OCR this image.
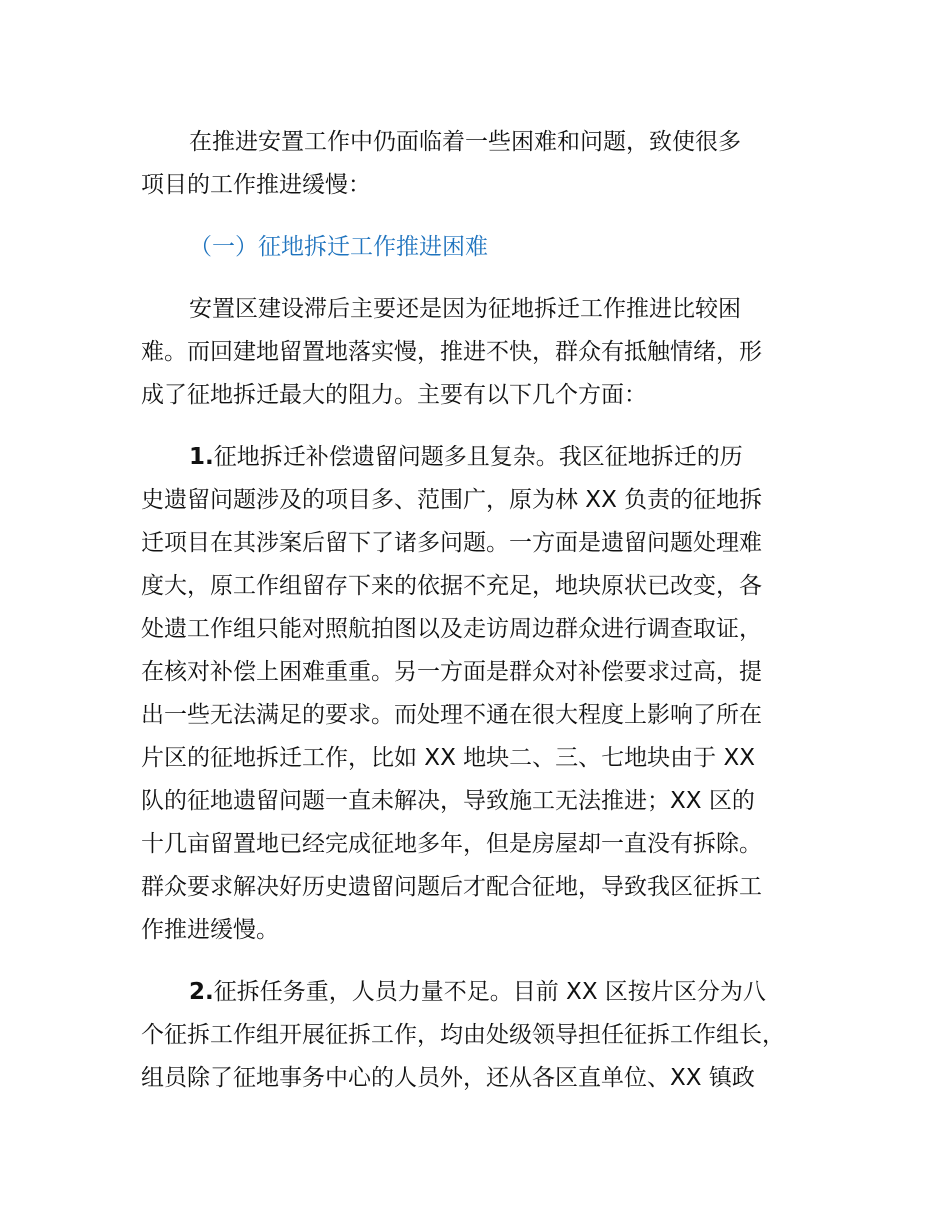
在推进安置工作中仍面临着一些困难和问题，致使很多
项目的工作推进缓慢：
（一）征地拆迁工作推进困难
安置区建设滞后主要还是因为征地拆迁工作推进比较困
难。而回建地留置地落实慢，推进不快，群众有抵触情绪，形
成了征地拆迁最大的阻力。主要有以下几个方面：
1.征地拆迁补偿遗留问题多且复杂。我区征地拆迁的历
史遗留问题涉及的项目多、范围广，原为林 XX 负责的征地拆
迁项目在其涉案后留下了诸多问题。一方面是遗留问题处理难
度大，原工作组留存下来的依据不充足，地块原状已改变，各
处遗工作组只能对照航拍图以及走访周边群众进行调查取证，
在核对补偿上困难重重。另一方面是群众对补偿要求过高，提
出一些无法满足的要求。而处理不通在很大程度上影响了所在
片区的征地拆迁工作，比如 XX 地块二、三、七地块由于 XX
队的征地遗留问题一直未解决，导致施工无法推进；XX 区的
十几亩留置地已经完成征地多年，但是房屋却一直没有拆除。
群众要求解决好历史遗留问题后才配合征地，导致我区征拆工
作推进缓慢。
2.征拆任务重，人员力量不足。目前 XX 区按片区分为八
个征拆工作组开展征拆工作，均由处级领导担任征拆工作组长，
组员除了征地事务中心的人员外，还从各区直单位、XX 镇政
